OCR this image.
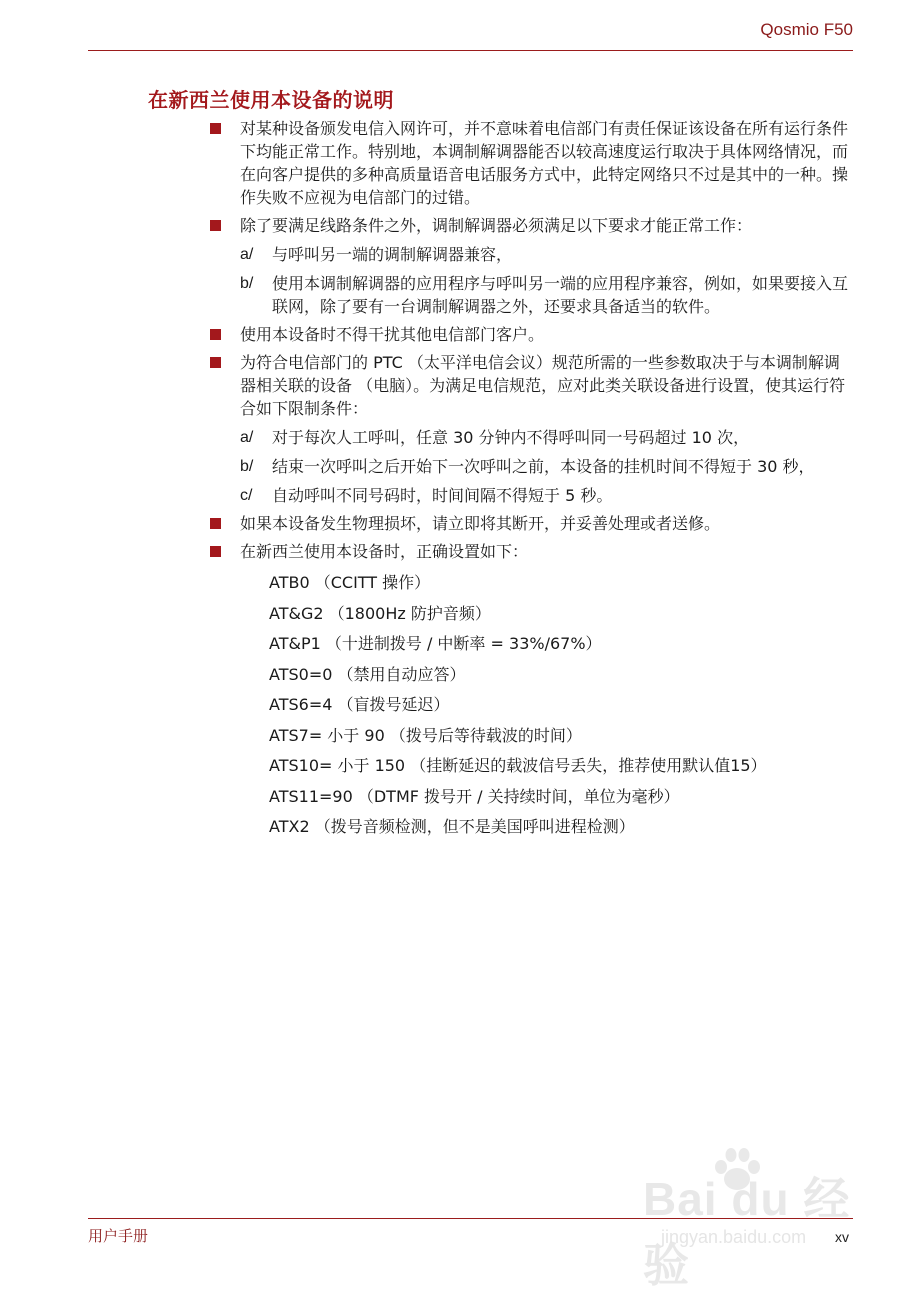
Qosmio F50
在新西兰使用本设备的说明
对某种设备颁发电信入网许可，并不意味着电信部门有责任保证该设备在所有运行条件下均能正常工作。特别地，本调制解调器能否以较高速度运行取决于具体网络情况，而在向客户提供的多种高质量语音电话服务方式中，此特定网络只不过是其中的一种。操作失败不应视为电信部门的过错。
除了要满足线路条件之外，调制解调器必须满足以下要求才能正常工作：
a/ 与呼叫另一端的调制解调器兼容，
b/ 使用本调制解调器的应用程序与呼叫另一端的应用程序兼容，例如，如果要接入互联网，除了要有一台调制解调器之外，还要求具备适当的软件。
使用本设备时不得干扰其他电信部门客户。
为符合电信部门的 PTC （太平洋电信会议）规范所需的一些参数取决于与本调制解调器相关联的设备 （电脑）。为满足电信规范，应对此类关联设备进行设置，使其运行符合如下限制条件：
a/ 对于每次人工呼叫，任意 30 分钟内不得呼叫同一号码超过 10 次，
b/ 结束一次呼叫之后开始下一次呼叫之前，本设备的挂机时间不得短于 30 秒，
c/ 自动呼叫不同号码时，时间间隔不得短于 5 秒。
如果本设备发生物理损坏，请立即将其断开，并妥善处理或者送修。
在新西兰使用本设备时，正确设置如下：
ATB0 （CCITT 操作）
AT&G2 （1800Hz 防护音频）
AT&P1 （十进制拨号 / 中断率 = 33%/67%）
ATS0=0 （禁用自动应答）
ATS6=4 （盲拨号延迟）
ATS7= 小于 90 （拨号后等待载波的时间）
ATS10= 小于 150 （挂断延迟的载波信号丢失，推荐使用默认值15）
ATS11=90 （DTMF 拨号开 / 关持续时间，单位为毫秒）
ATX2 （拨号音频检测，但不是美国呼叫进程检测）
Bai du 经验
jingyan.baidu.com
用户手册	xv
